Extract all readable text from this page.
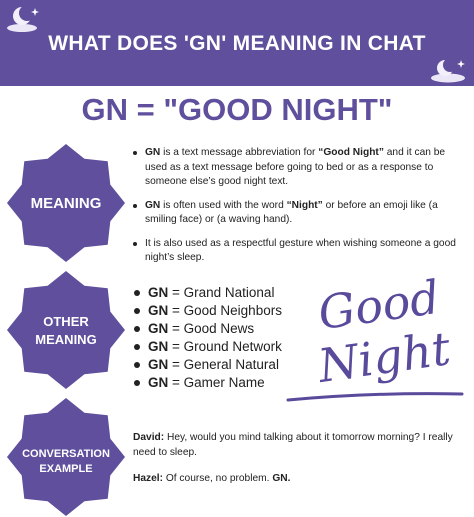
WHAT DOES 'GN' MEANING IN CHAT
GN = "GOOD NIGHT"
MEANING
GN is a text message abbreviation for “Good Night” and it can be used as a text message before going to bed or as a response to someone else’s good night text.
GN is often used with the word “Night” or before an emoji like (a smiling face) or (a waving hand).
It is also used as a respectful gesture when wishing someone a good night’s sleep.
OTHER
MEANING
GN = Grand National
GN = Good Neighbors
GN = Good News
GN = Ground Network
GN = General Natural
GN = Gamer Name
Good
Night
CONVERSATION
EXAMPLE
David: Hey, would you mind talking about it tomorrow morning? I really need to sleep.
Hazel: Of course, no problem. GN.
